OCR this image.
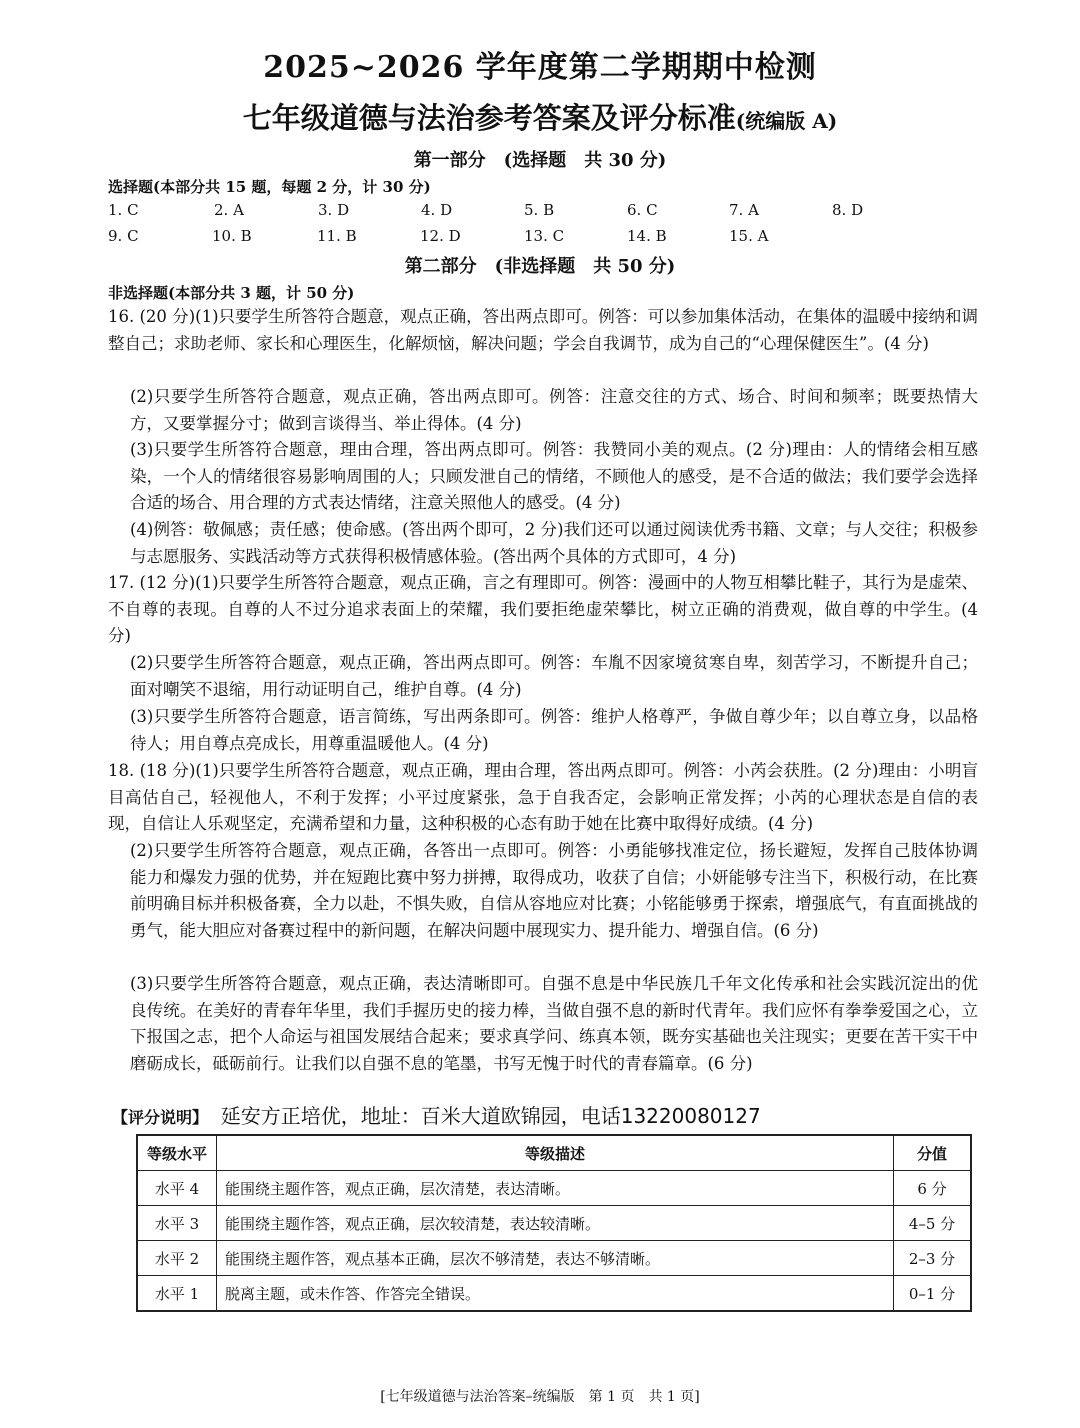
2025~2026 学年度第二学期期中检测
七年级道德与法治参考答案及评分标准(统编版 A)
第一部分　(选择题　共 30 分)
选择题(本部分共 15 题，每题 2 分，计 30 分)
1. C	2. A	3. D	4. D	5. B	6. C	7. A	8. D
9. C	10. B	11. B	12. D	13. C	14. B	15. A
第二部分　(非选择题　共 50 分)
非选择题(本部分共 3 题，计 50 分)
16. (20 分)(1)只要学生所答符合题意，观点正确，答出两点即可。例答：可以参加集体活动，在集体的温暖中接纳和调整自己；求助老师、家长和心理医生，化解烦恼，解决问题；学会自我调节，成为自己的“心理保健医生”。(4 分)
(2)只要学生所答符合题意，观点正确，答出两点即可。例答：注意交往的方式、场合、时间和频率；既要热情大方，又要掌握分寸；做到言谈得当、举止得体。(4 分)
(3)只要学生所答符合题意，理由合理，答出两点即可。例答：我赞同小美的观点。(2 分)理由：人的情绪会相互感染，一个人的情绪很容易影响周围的人；只顾发泄自己的情绪，不顾他人的感受，是不合适的做法；我们要学会选择合适的场合、用合理的方式表达情绪，注意关照他人的感受。(4 分)
(4)例答：敬佩感；责任感；使命感。(答出两个即可，2 分)我们还可以通过阅读优秀书籍、文章；与人交往；积极参与志愿服务、实践活动等方式获得积极情感体验。(答出两个具体的方式即可，4 分)
17. (12 分)(1)只要学生所答符合题意，观点正确，言之有理即可。例答：漫画中的人物互相攀比鞋子，其行为是虚荣、不自尊的表现。自尊的人不过分追求表面上的荣耀，我们要拒绝虚荣攀比，树立正确的消费观，做自尊的中学生。(4 分)
(2)只要学生所答符合题意，观点正确，答出两点即可。例答：车胤不因家境贫寒自卑，刻苦学习，不断提升自己；面对嘲笑不退缩，用行动证明自己，维护自尊。(4 分)
(3)只要学生所答符合题意，语言简练，写出两条即可。例答：维护人格尊严，争做自尊少年；以自尊立身，以品格待人；用自尊点亮成长，用尊重温暖他人。(4 分)
18. (18 分)(1)只要学生所答符合题意，观点正确，理由合理，答出两点即可。例答：小芮会获胜。(2 分)理由：小明盲目高估自己，轻视他人，不利于发挥；小平过度紧张，急于自我否定，会影响正常发挥；小芮的心理状态是自信的表现，自信让人乐观坚定，充满希望和力量，这种积极的心态有助于她在比赛中取得好成绩。(4 分)
(2)只要学生所答符合题意，观点正确，各答出一点即可。例答：小勇能够找准定位，扬长避短，发挥自己肢体协调能力和爆发力强的优势，并在短跑比赛中努力拼搏，取得成功，收获了自信；小妍能够专注当下，积极行动，在比赛前明确目标并积极备赛，全力以赴，不惧失败，自信从容地应对比赛；小铭能够勇于探索，增强底气，有直面挑战的勇气，能大胆应对备赛过程中的新问题，在解决问题中展现实力、提升能力、增强自信。(6 分)
(3)只要学生所答符合题意，观点正确，表达清晰即可。自强不息是中华民族几千年文化传承和社会实践沉淀出的优良传统。在美好的青春年华里，我们手握历史的接力棒，当做自强不息的新时代青年。我们应怀有拳拳爱国之心，立下报国之志，把个人命运与祖国发展结合起来；要求真学问、练真本领，既夯实基础也关注现实；更要在苦干实干中磨砺成长，砥砺前行。让我们以自强不息的笔墨，书写无愧于时代的青春篇章。(6 分)
【评分说明】 延安方正培优，地址：百米大道欧锦园，电话13220080127
等级水平	等级描述	分值
水平 4	能围绕主题作答，观点正确，层次清楚，表达清晰。	6 分
水平 3	能围绕主题作答，观点正确，层次较清楚，表达较清晰。	4–5 分
水平 2	能围绕主题作答，观点基本正确，层次不够清楚，表达不够清晰。	2–3 分
水平 1	脱离主题，或未作答、作答完全错误。	0–1 分
[七年级道德与法治答案–统编版　第 1 页　共 1 页]
